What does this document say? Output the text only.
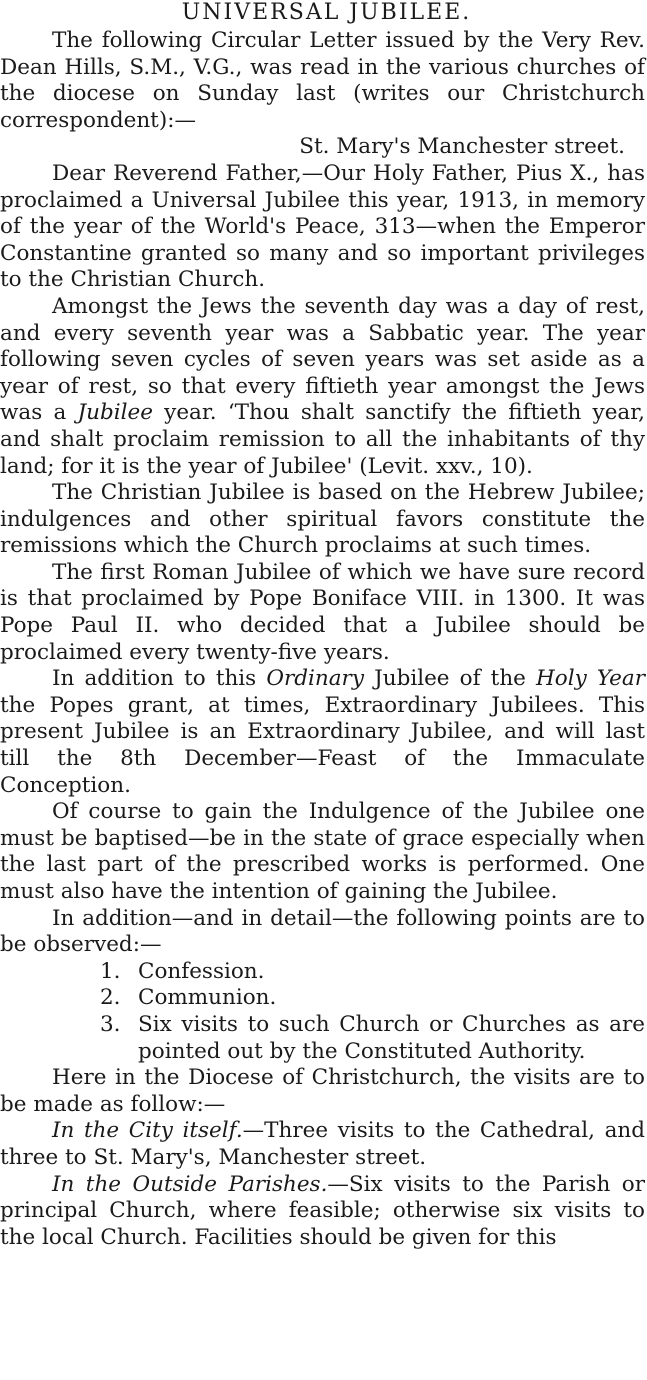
UNIVERSAL JUBILEE.

The following Circular Letter issued by the Very Rev. Dean Hills, S.M., V.G., was read in the various churches of the diocese on Sunday last (writes our Christchurch correspondent):—

St. Mary's Manchester street.

Dear Reverend Father,—Our Holy Father, Pius X., has proclaimed a Universal Jubilee this year, 1913, in memory of the year of the World's Peace, 313—when the Emperor Constantine granted so many and so important privileges to the Christian Church.

Amongst the Jews the seventh day was a day of rest, and every seventh year was a Sabbatic year. The year following seven cycles of seven years was set aside as a year of rest, so that every fiftieth year amongst the Jews was a Jubilee year. ‘Thou shalt sanctify the fiftieth year, and shalt proclaim remission to all the inhabitants of thy land; for it is the year of Jubilee' (Levit. xxv., 10).

The Christian Jubilee is based on the Hebrew Jubilee; indulgences and other spiritual favors constitute the remissions which the Church proclaims at such times.

The first Roman Jubilee of which we have sure record is that proclaimed by Pope Boniface VIII. in 1300. It was Pope Paul II. who decided that a Jubilee should be proclaimed every twenty-five years.

In addition to this Ordinary Jubilee of the Holy Year the Popes grant, at times, Extraordinary Jubilees. This present Jubilee is an Extraordinary Jubilee, and will last till the 8th December—Feast of the Immaculate Conception.

Of course to gain the Indulgence of the Jubilee one must be baptised—be in the state of grace especially when the last part of the prescribed works is performed. One must also have the intention of gaining the Jubilee.

In addition—and in detail—the following points are to be observed:—

1. Confession.
2. Communion.
3. Six visits to such Church or Churches as are pointed out by the Constituted Authority.

Here in the Diocese of Christchurch, the visits are to be made as follow:—

In the City itself.—Three visits to the Cathedral, and three to St. Mary's, Manchester street.

In the Outside Parishes.—Six visits to the Parish or principal Church, where feasible; otherwise six visits to the local Church. Facilities should be given for this
